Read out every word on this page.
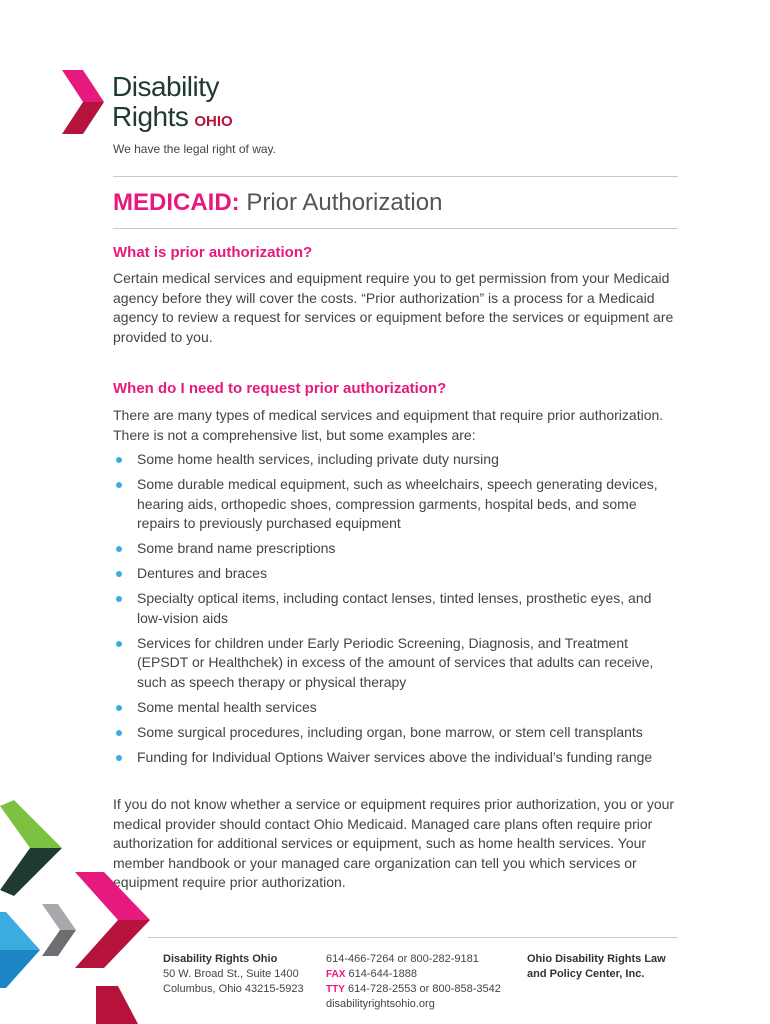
Disability
Rights OHIO
We have the legal right of way.
MEDICAID: Prior Authorization
What is prior authorization?

Certain medical services and equipment require you to get permission from your Medicaid agency before they will cover the costs. “Prior authorization” is a process for a Medicaid agency to review a request for services or equipment before the services or equipment are provided to you.

When do I need to request prior authorization?

There are many types of medical services and equipment that require prior authorization. There is not a comprehensive list, but some examples are:

Some home health services, including private duty nursing
Some durable medical equipment, such as wheelchairs, speech generating devices, hearing aids, orthopedic shoes, compression garments, hospital beds, and some repairs to previously purchased equipment
Some brand name prescriptions
Dentures and braces
Specialty optical items, including contact lenses, tinted lenses, prosthetic eyes, and low-vision aids
Services for children under Early Periodic Screening, Diagnosis, and Treatment (EPSDT or Healthchek) in excess of the amount of services that adults can receive, such as speech therapy or physical therapy
Some mental health services
Some surgical procedures, including organ, bone marrow, or stem cell transplants
Funding for Individual Options Waiver services above the individual’s funding range

If you do not know whether a service or equipment requires prior authorization, you or your medical provider should contact Ohio Medicaid. Managed care plans often require prior authorization for additional services or equipment, such as home health services. Your member handbook or your managed care organization can tell you which services or equipment require prior authorization.

Disability Rights Ohio
50 W. Broad St., Suite 1400
Columbus, Ohio 43215-5923
614-466-7264 or 800-282-9181
FAX 614-644-1888
TTY 614-728-2553 or 800-858-3542
disabilityrightsohio.org
Ohio Disability Rights Law
and Policy Center, Inc.
